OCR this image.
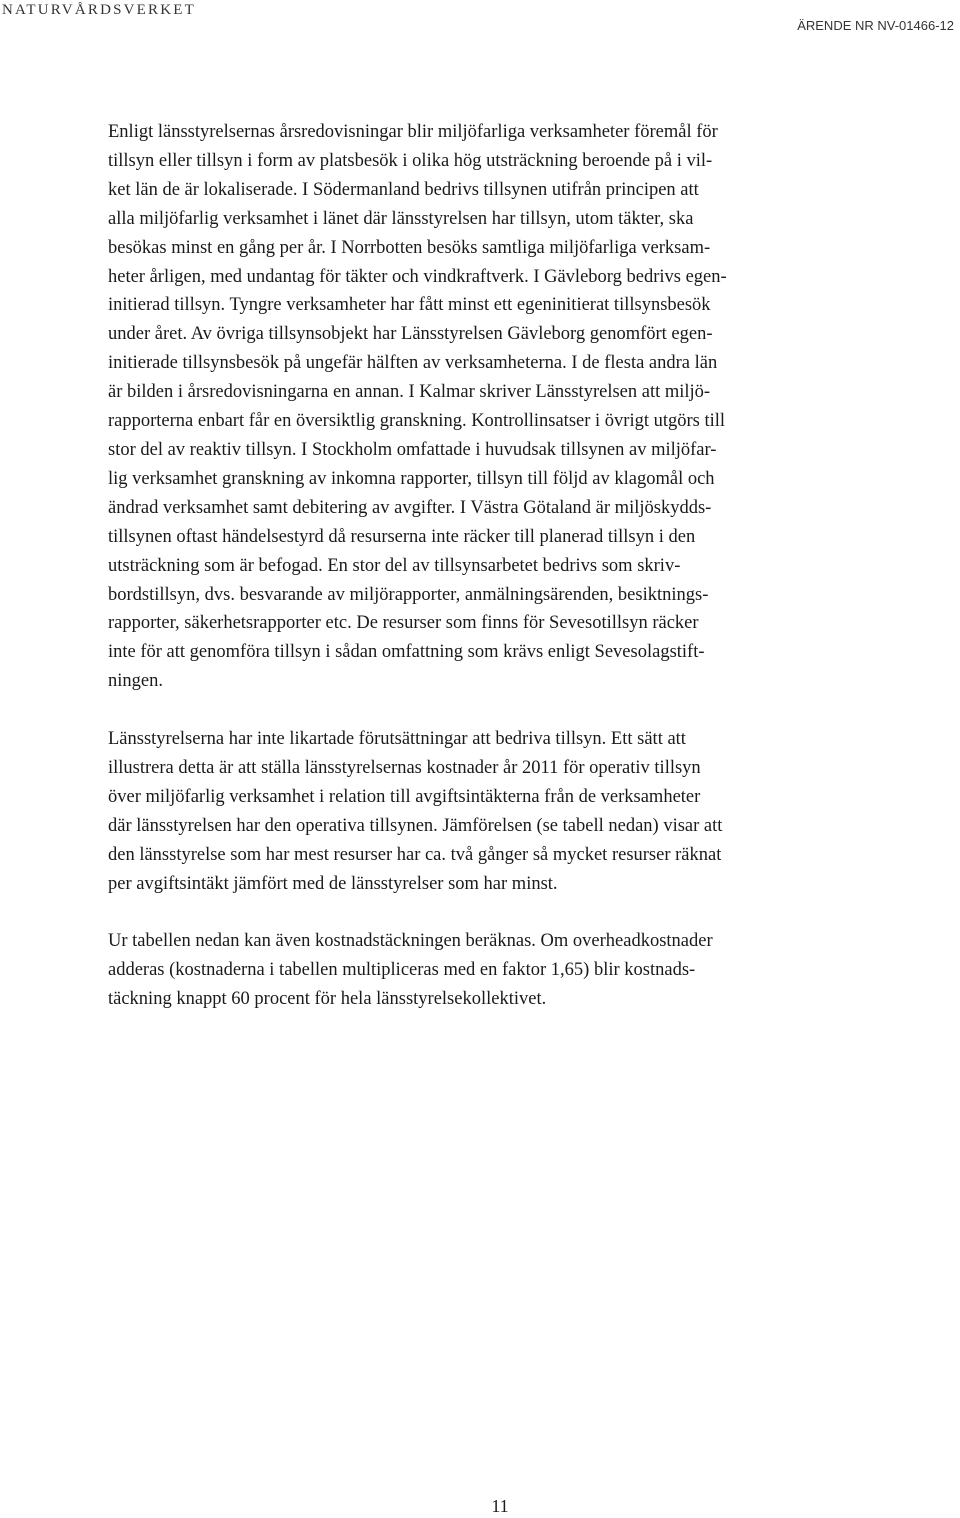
NATURVÅRDSVERKET
ÄRENDE NR NV-01466-12
Enligt länsstyrelsernas årsredovisningar blir miljöfarliga verksamheter föremål för
tillsyn eller tillsyn i form av platsbesök i olika hög utsträckning beroende på i vil-
ket län de är lokaliserade. I Södermanland bedrivs tillsynen utifrån principen att
alla miljöfarlig verksamhet i länet där länsstyrelsen har tillsyn, utom täkter, ska
besökas minst en gång per år. I Norrbotten besöks samtliga miljöfarliga verksam-
heter årligen, med undantag för täkter och vindkraftverk. I Gävleborg bedrivs egen-
initierad tillsyn. Tyngre verksamheter har fått minst ett egeninitierat tillsynsbesök
under året. Av övriga tillsynsobjekt har Länsstyrelsen Gävleborg genomfört egen-
initierade tillsynsbesök på ungefär hälften av verksamheterna. I de flesta andra län
är bilden i årsredovisningarna en annan. I Kalmar skriver Länsstyrelsen att miljö-
rapporterna enbart får en översiktlig granskning. Kontrollinsatser i övrigt utgörs till
stor del av reaktiv tillsyn. I Stockholm omfattade i huvudsak tillsynen av miljöfar-
lig verksamhet granskning av inkomna rapporter, tillsyn till följd av klagomål och
ändrad verksamhet samt debitering av avgifter. I Västra Götaland är miljöskydds-
tillsynen oftast händelsestyrd då resurserna inte räcker till planerad tillsyn i den
utsträckning som är befogad. En stor del av tillsynsarbetet bedrivs som skriv-
bordstillsyn, dvs. besvarande av miljörapporter, anmälningsärenden, besiktnings-
rapporter, säkerhetsrapporter etc. De resurser som finns för Sevesotillsyn räcker
inte för att genomföra tillsyn i sådan omfattning som krävs enligt Sevesolagstift-
ningen.
Länsstyrelserna har inte likartade förutsättningar att bedriva tillsyn. Ett sätt att
illustrera detta är att ställa länsstyrelsernas kostnader år 2011 för operativ tillsyn
över miljöfarlig verksamhet i relation till avgiftsintäkterna från de verksamheter
där länsstyrelsen har den operativa tillsynen. Jämförelsen (se tabell nedan) visar att
den länsstyrelse som har mest resurser har ca. två gånger så mycket resurser räknat
per avgiftsintäkt jämfört med de länsstyrelser som har minst.
Ur tabellen nedan kan även kostnadstäckningen beräknas. Om overheadkostnader
adderas (kostnaderna i tabellen multipliceras med en faktor 1,65) blir kostnads-
täckning knappt 60 procent för hela länsstyrelsekollektivet.
11
